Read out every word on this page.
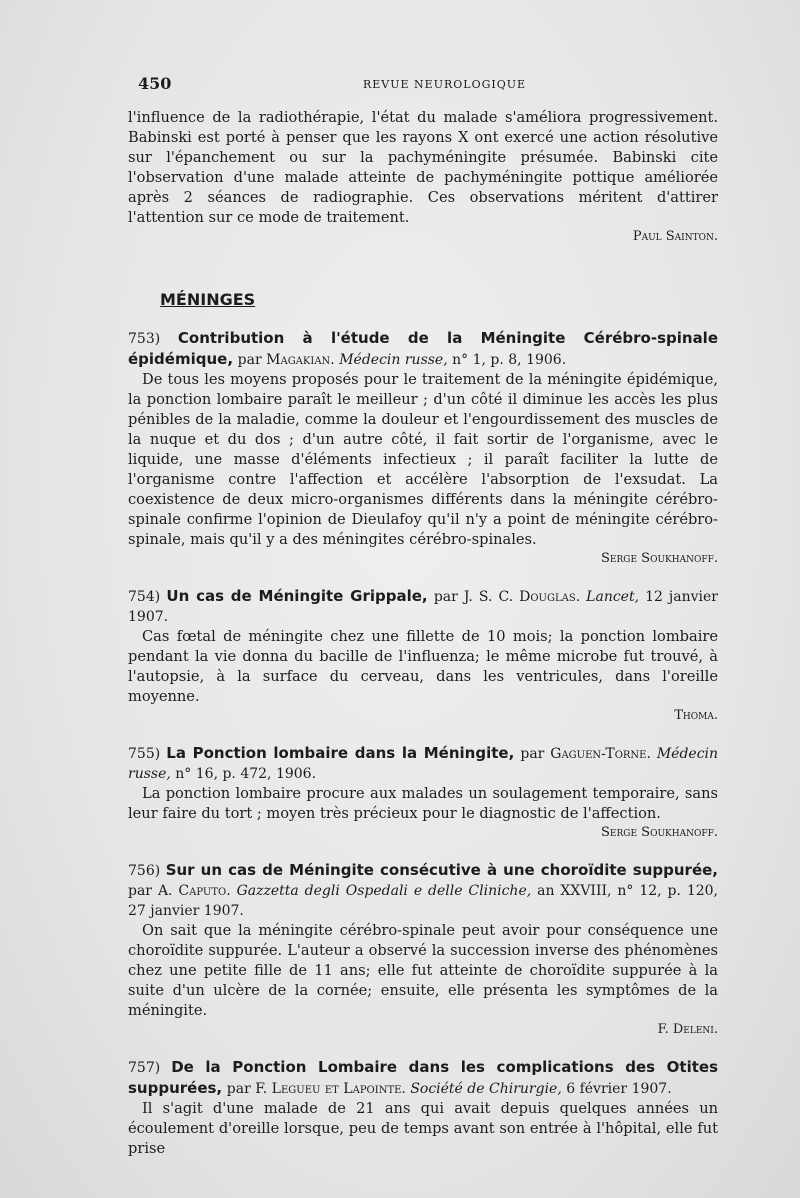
450	REVUE NEUROLOGIQUE

l'influence de la radiothérapie, l'état du malade s'améliora progressivement. Babinski est porté à penser que les rayons X ont exercé une action résolutive sur l'épanchement ou sur la pachyméningite présumée. Babinski cite l'observation d'une malade atteinte de pachyméningite pottique améliorée après 2 séances de radiographie. Ces observations méritent d'attirer l'attention sur ce mode de traitement.

Paul Sainton.

MÉNINGES

753) Contribution à l'étude de la Méningite Cérébro-spinale épidémique, par Magakian. Médecin russe, n° 1, p. 8, 1906.

De tous les moyens proposés pour le traitement de la méningite épidémique, la ponction lombaire paraît le meilleur ; d'un côté il diminue les accès les plus pénibles de la maladie, comme la douleur et l'engourdissement des muscles de la nuque et du dos ; d'un autre côté, il fait sortir de l'organisme, avec le liquide, une masse d'éléments infectieux ; il paraît faciliter la lutte de l'organisme contre l'affection et accélère l'absorption de l'exsudat. La coexistence de deux micro-organismes différents dans la méningite cérébro-spinale confirme l'opinion de Dieulafoy qu'il n'y a point de méningite cérébro-spinale, mais qu'il y a des méningites cérébro-spinales.

Serge Soukhanoff.

754) Un cas de Méningite Grippale, par J. S. C. Douglas. Lancet, 12 janvier 1907.

Cas fœtal de méningite chez une fillette de 10 mois; la ponction lombaire pendant la vie donna du bacille de l'influenza; le même microbe fut trouvé, à l'autopsie, à la surface du cerveau, dans les ventricules, dans l'oreille moyenne.

Thoma.

755) La Ponction lombaire dans la Méningite, par Gaguen-Torne. Médecin russe, n° 16, p. 472, 1906.

La ponction lombaire procure aux malades un soulagement temporaire, sans leur faire du tort ; moyen très précieux pour le diagnostic de l'affection.

Serge Soukhanoff.

756) Sur un cas de Méningite consécutive à une choroïdite suppurée, par A. Caputo. Gazzetta degli Ospedali e delle Cliniche, an XXVIII, n° 12, p. 120, 27 janvier 1907.

On sait que la méningite cérébro-spinale peut avoir pour conséquence une choroïdite suppurée. L'auteur a observé la succession inverse des phénomènes chez une petite fille de 11 ans; elle fut atteinte de choroïdite suppurée à la suite d'un ulcère de la cornée; ensuite, elle présenta les symptômes de la méningite.

F. Deleni.

757) De la Ponction Lombaire dans les complications des Otites suppurées, par F. Legueu et Lapointe. Société de Chirurgie, 6 février 1907.

Il s'agit d'une malade de 21 ans qui avait depuis quelques années un écoulement d'oreille lorsque, peu de temps avant son entrée à l'hôpital, elle fut prise
